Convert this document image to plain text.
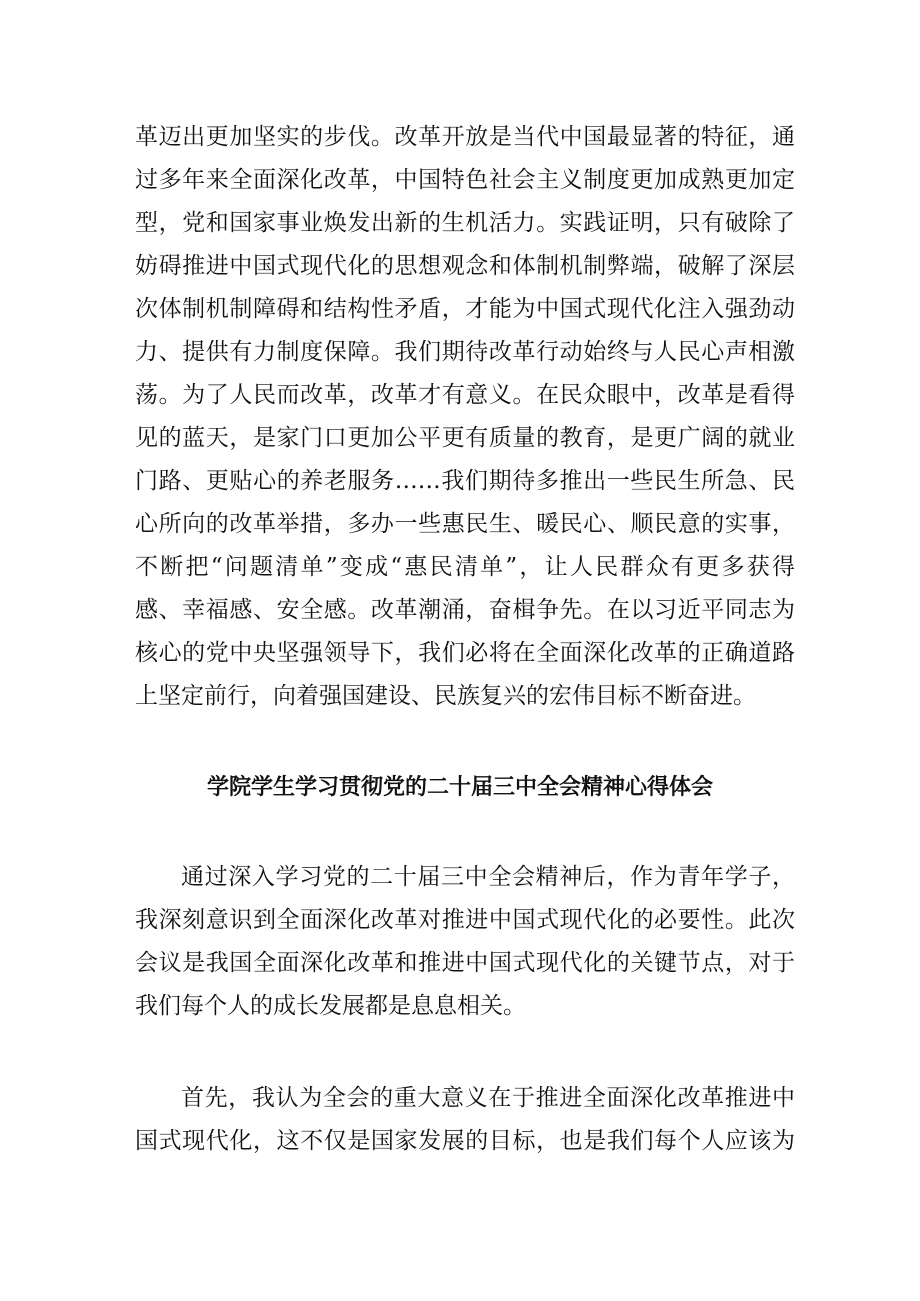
革迈出更加坚实的步伐。改革开放是当代中国最显著的特征，通
过多年来全面深化改革，中国特色社会主义制度更加成熟更加定
型，党和国家事业焕发出新的生机活力。实践证明，只有破除了
妨碍推进中国式现代化的思想观念和体制机制弊端，破解了深层
次体制机制障碍和结构性矛盾，才能为中国式现代化注入强劲动
力、提供有力制度保障。我们期待改革行动始终与人民心声相激
荡。为了人民而改革，改革才有意义。在民众眼中，改革是看得
见的蓝天，是家门口更加公平更有质量的教育，是更广阔的就业
门路、更贴心的养老服务……我们期待多推出一些民生所急、民
心所向的改革举措，多办一些惠民生、暖民心、顺民意的实事，
不断把“问题清单”变成“惠民清单”，让人民群众有更多获得
感、幸福感、安全感。改革潮涌，奋楫争先。在以习近平同志为
核心的党中央坚强领导下，我们必将在全面深化改革的正确道路
上坚定前行，向着强国建设、民族复兴的宏伟目标不断奋进。
学院学生学习贯彻党的二十届三中全会精神心得体会
通过深入学习党的二十届三中全会精神后，作为青年学子，
我深刻意识到全面深化改革对推进中国式现代化的必要性。此次
会议是我国全面深化改革和推进中国式现代化的关键节点，对于
我们每个人的成长发展都是息息相关。
首先，我认为全会的重大意义在于推进全面深化改革推进中
国式现代化，这不仅是国家发展的目标，也是我们每个人应该为
